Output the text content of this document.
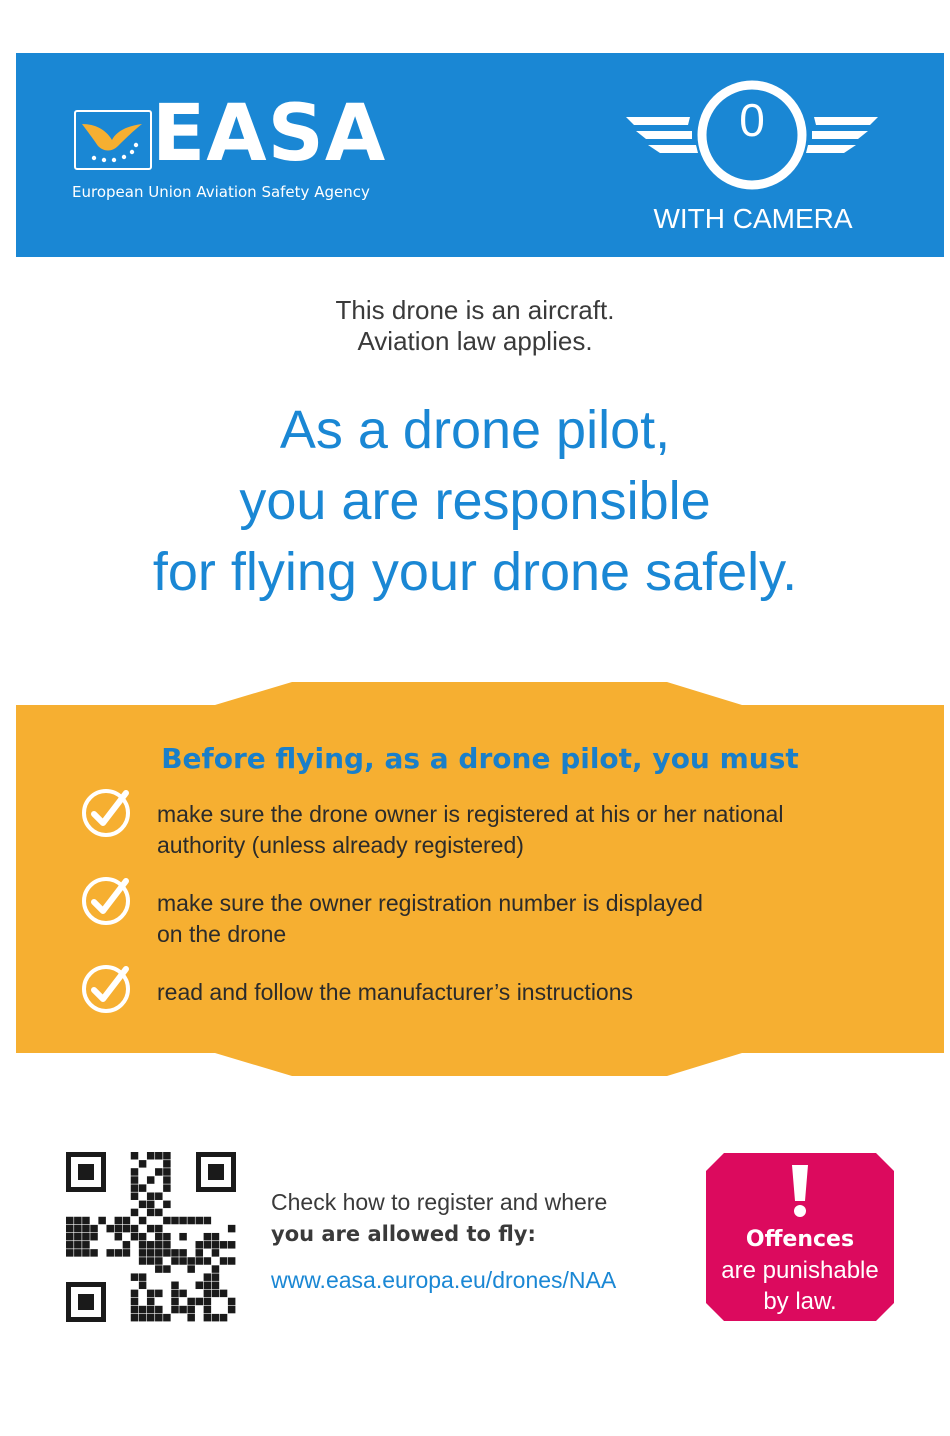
EASA
European Union Aviation Safety Agency
0
WITH CAMERA
This drone is an aircraft.
Aviation law applies.
As a drone pilot,
you are responsible
for flying your drone safely.
Before flying, as a drone pilot, you must
make sure the drone owner is registered at his or her national
authority (unless already registered)
make sure the owner registration number is displayed
on the drone
read and follow the manufacturer’s instructions
Check how to register and where
you are allowed to fly:
www.easa.europa.eu/drones/NAA
Offences
are punishable
by law.
